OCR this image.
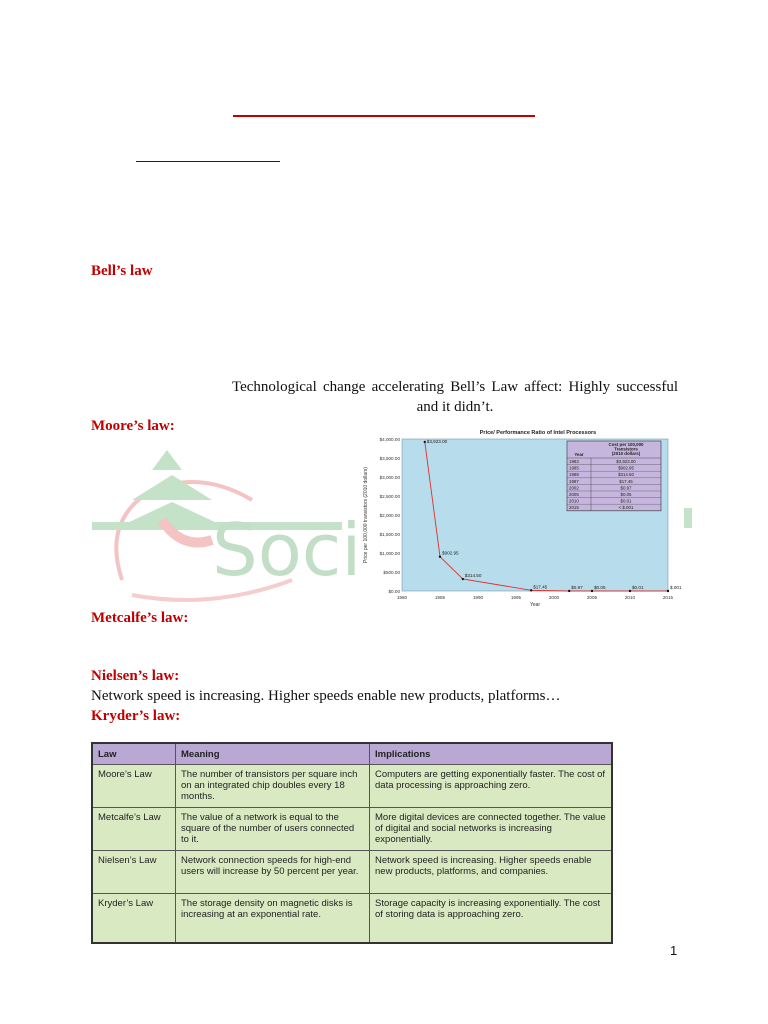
Bell’s law
Technological change accelerating Bell’s Law affect: Highly successful and it didn’t.
Soci
Moore’s law:	Price/ Performance Ratio of Intel Processors
Price per 100,000 transistors (2010 dollars)
Year
$0.00
$500.00
$1,000.00
$1,500.00
$2,000.00
$2,500.00
$3,000.00
$3,500.00
$4,000.00
1980	1985	1990	1995	2000	2005	2010	2015
$3,923.00
$902.95
$314.50
$17.45	$0.97 $0.05	$0.01	$.001
Year
Cost per 100,000 Transistors (2010 dollars)
1983	$3,923.00
1985	$902.95
1988	$314.50
1997	$17.45
2002	$0.97
2005	$0.05
2010	$0.01
2015	< $.001
Metcalfe’s law:
Nielsen’s law:
Network speed is increasing. Higher speeds enable new products, platforms…
Kryder’s law:
Law	Meaning	Implications
Moore’s Law	The number of transistors per square inch on an integrated chip doubles every 18 months.	Computers are getting exponentially faster. The cost of data processing is approaching zero.
Metcalfe’s Law	The value of a network is equal to the square of the number of users connected to it.	More digital devices are connected together. The value of digital and social networks is increasing exponentially.
Nielsen’s Law	Network connection speeds for high-end users will increase by 50 percent per year.	Network speed is increasing. Higher speeds enable new products, platforms, and companies.
Kryder’s Law	The storage density on magnetic disks is increasing at an exponential rate.	Storage capacity is increasing exponentially. The cost of storing data is approaching zero.
1
